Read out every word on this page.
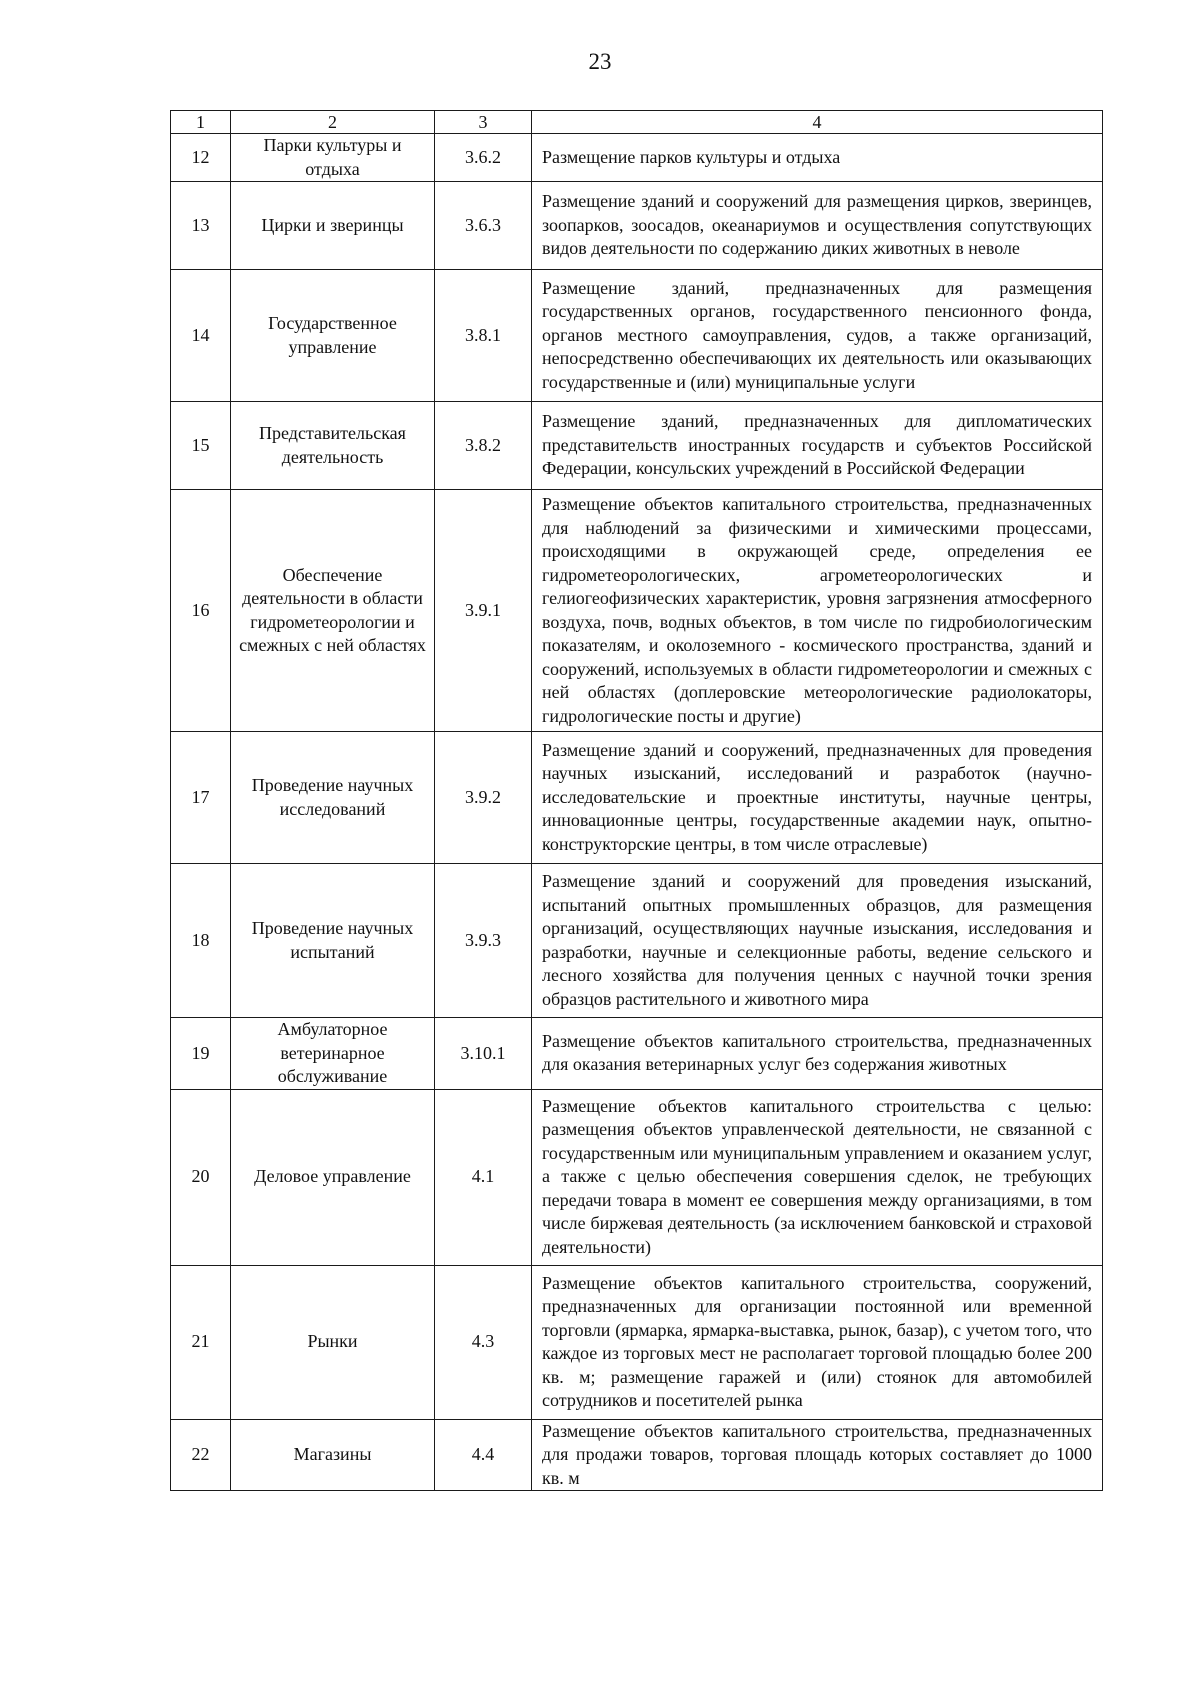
23
1	2	3	4
12	Парки культуры и отдыха	3.6.2	Размещение парков культуры и отдыха
13	Цирки и зверинцы	3.6.3	Размещение зданий и сооружений для размещения цирков, зверинцев, зоопарков, зоосадов, океанариумов и осуществления сопутствующих видов деятельности по содержанию диких животных в неволе
14	Государственное управление	3.8.1	Размещение зданий, предназначенных для размещения государственных органов, государственного пенсионного фонда, органов местного самоуправления, судов, а также организаций, непосредственно обеспечивающих их деятельность или оказывающих государственные и (или) муниципальные услуги
15	Представительская деятельность	3.8.2	Размещение зданий, предназначенных для дипломатических представительств иностранных государств и субъектов Российской Федерации, консульских учреждений в Российской Федерации
16	Обеспечение деятельности в области гидрометеорологии и смежных с ней областях	3.9.1	Размещение объектов капитального строительства, предназначенных для наблюдений за физическими и химическими процессами, происходящими в окружающей среде, определения ее гидрометеорологических, агрометеорологических и гелиогеофизических характеристик, уровня загрязнения атмосферного воздуха, почв, водных объектов, в том числе по гидробиологическим показателям, и околоземного - космического пространства, зданий и сооружений, используемых в области гидрометеорологии и смежных с ней областях (доплеровские метеорологические радиолокаторы, гидрологические посты и другие)
17	Проведение научных исследований	3.9.2	Размещение зданий и сооружений, предназначенных для проведения научных изысканий, исследований и разработок (научно-исследовательские и проектные институты, научные центры, инновационные центры, государственные академии наук, опытно-конструкторские центры, в том числе отраслевые)
18	Проведение научных испытаний	3.9.3	Размещение зданий и сооружений для проведения изысканий, испытаний опытных промышленных образцов, для размещения организаций, осуществляющих научные изыскания, исследования и разработки, научные и селекционные работы, ведение сельского и лесного хозяйства для получения ценных с научной точки зрения образцов растительного и животного мира
19	Амбулаторное ветеринарное обслуживание	3.10.1	Размещение объектов капитального строительства, предназначенных для оказания ветеринарных услуг без содержания животных
20	Деловое управление	4.1	Размещение объектов капитального строительства с целью: размещения объектов управленческой деятельности, не связанной с государственным или муниципальным управлением и оказанием услуг, а также с целью обеспечения совершения сделок, не требующих передачи товара в момент ее совершения между организациями, в том числе биржевая деятельность (за исключением банковской и страховой деятельности)
21	Рынки	4.3	Размещение объектов капитального строительства, сооружений, предназначенных для организации постоянной или временной торговли (ярмарка, ярмарка-выставка, рынок, базар), с учетом того, что каждое из торговых мест не располагает торговой площадью более 200 кв. м; размещение гаражей и (или) стоянок для автомобилей сотрудников и посетителей рынка
22	Магазины	4.4	Размещение объектов капитального строительства, предназначенных для продажи товаров, торговая площадь которых составляет до 1000 кв. м
